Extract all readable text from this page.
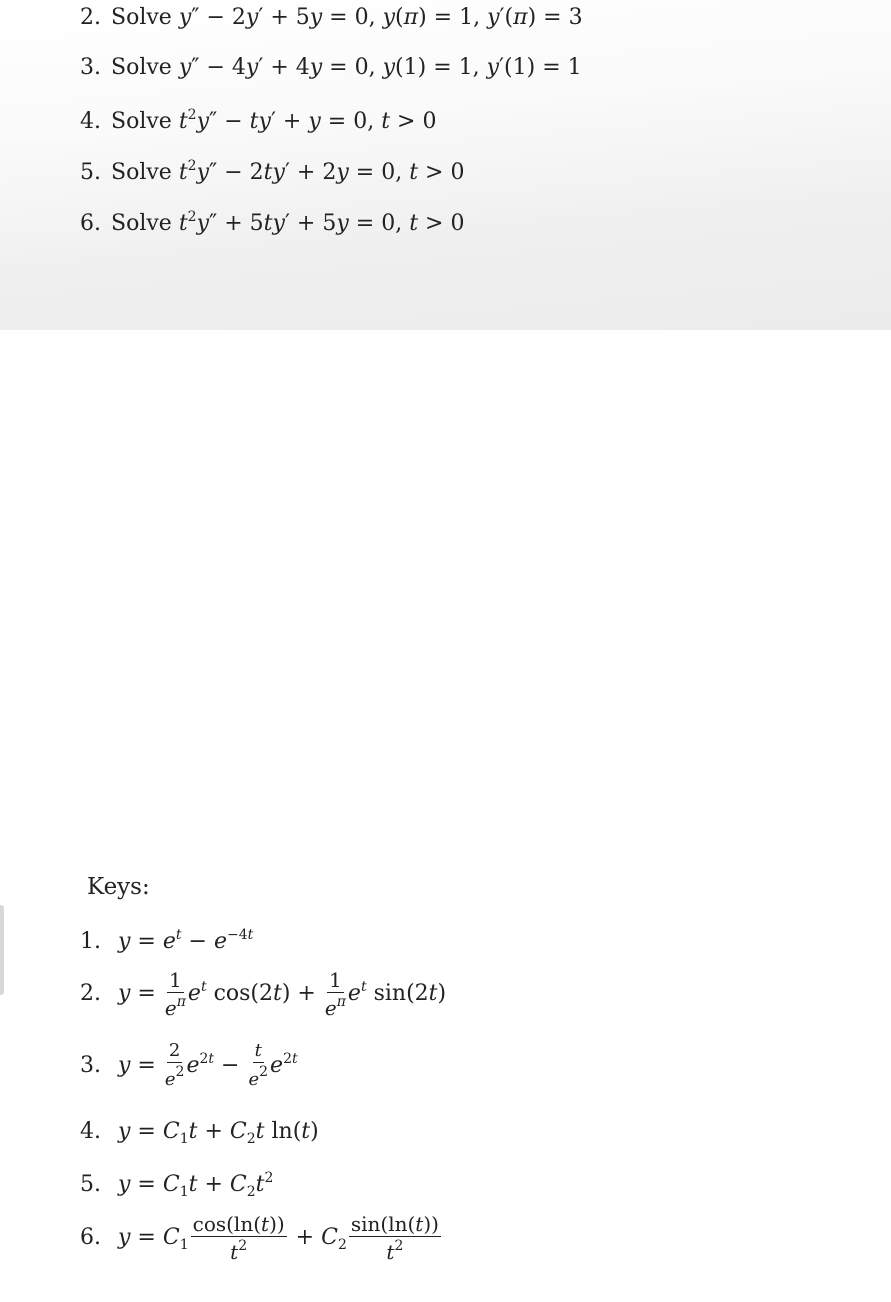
2. Solve y″ − 2y′ + 5y = 0, y(π) = 1, y′(π) = 3
3. Solve y″ − 4y′ + 4y = 0, y(1) = 1, y′(1) = 1
4. Solve $t^2y'' - ty' + y = 0$, t > 0
5. Solve $t^2y'' - 2ty' + 2y = 0$, t > 0
6. Solve $t^2y'' + 5ty' + 5y = 0$, t > 0
Keys:
1. $y = e^t - e^{-4t}$
2. $y = \frac{1}{e^\pi} e^t$ $\cos(2t) + \frac{1}{e^\pi} e^t$ sin(2t)
3. $y = \frac{2}{e^2} e^{2t} - \frac{t}{e^2} e^{2t}$
4. $y = C_1t + C_2t$ ln(t)
5. $y = C_1t + C_2t^2$
6. $y = C_1 \frac{\cos(\ln(t))}{t^2} + C_2 \frac{\sin(\ln(t))}{t^2}$
